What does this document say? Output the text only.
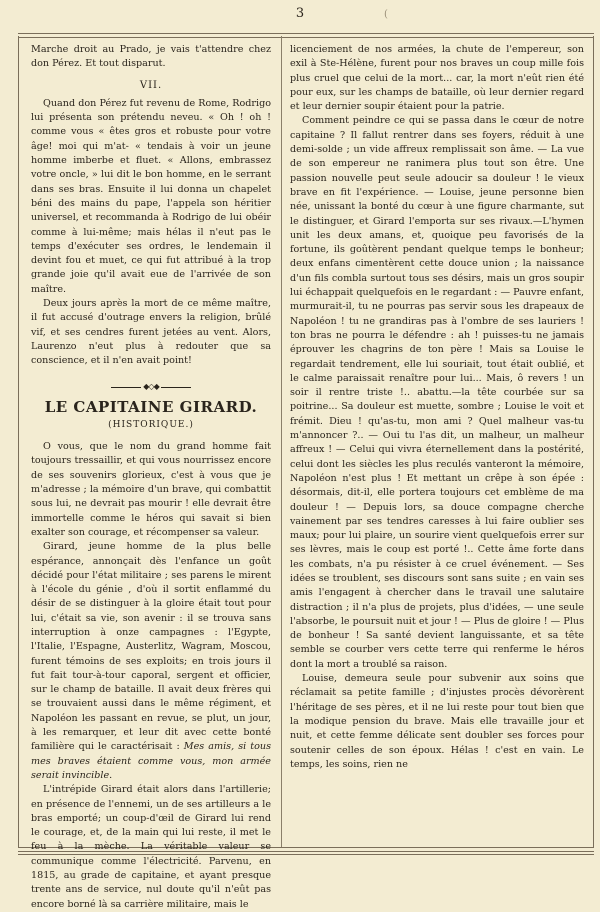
3	(

Marche droit au Prado, je vais t'attendre chez don Pérez. Et tout disparut.

VII.

Quand don Pérez fut revenu de Rome, Rodrigo lui présenta son prétendu neveu. « Oh ! oh ! comme vous « êtes gros et robuste pour votre âge! moi qui m'at- « tendais à voir un jeune homme imberbe et fluet. « Allons, embrassez votre oncle, » lui dit le bon homme, en le serrant dans ses bras. Ensuite il lui donna un chapelet béni des mains du pape, l'appela son héritier universel, et recommanda à Rodrigo de lui obéir comme à lui-même; mais hélas il n'eut pas le temps d'exécuter ses ordres, le lendemain il devint fou et muet, ce qui fut attribué à la trop grande joie qu'il avait eue de l'arrivée de son maître.

Deux jours après la mort de ce même maître, il fut accusé d'outrage envers la religion, brûlé vif, et ses cendres furent jetées au vent. Alors, Laurenzo n'eut plus à redouter que sa conscience, et il n'en avait point!

◆◇◆
LE CAPITAINE GIRARD.
(HISTORIQUE.)

O vous, que le nom du grand homme fait toujours tressaillir, et qui vous nourrissez encore de ses souvenirs glorieux, c'est à vous que je m'adresse ; la mémoire d'un brave, qui combattit sous lui, ne devrait pas mourir ! elle devrait être immortelle comme le héros qui savait si bien exalter son courage, et récompenser sa valeur.

Girard, jeune homme de la plus belle espérance, annonçait dès l'enfance un goût décidé pour l'état militaire ; ses parens le mirent à l'école du génie , d'où il sortit enflammé du désir de se distinguer à la gloire était tout pour lui, c'était sa vie, son avenir : il se trouva sans interruption à onze campagnes : l'Egypte, l'Italie, l'Espagne, Austerlitz, Wagram, Moscou, furent témoins de ses exploits; en trois jours il fut fait tour-à-tour caporal, sergent et officier, sur le champ de bataille. Il avait deux frères qui se trouvaient aussi dans le même régiment, et Napoléon les passant en revue, se plut, un jour, à les remarquer, et leur dit avec cette bonté familière qui le caractérisait : Mes amis, si tous mes braves étaient comme vous, mon armée serait invincible.

L'intrépide Girard était alors dans l'artillerie; en présence de l'ennemi, un de ses artilleurs a le bras emporté; un coup-d'œil de Girard lui rend le courage, et, de la main qui lui reste, il met le feu à la mèche. La véritable valeur se communique comme l'électricité. Parvenu, en 1815, au grade de capitaine, et ayant presque trente ans de service, nul doute qu'il n'eût pas encore borné là sa carrière militaire, mais le

licenciement de nos armées, la chute de l'empereur, son exil à Ste-Hélène, furent pour nos braves un coup mille fois plus cruel que celui de la mort... car, la mort n'eût rien été pour eux, sur les champs de bataille, où leur dernier regard et leur dernier soupir étaient pour la patrie.

Comment peindre ce qui se passa dans le cœur de notre capitaine ? Il fallut rentrer dans ses foyers, réduit à une demi-solde ; un vide affreux remplissait son âme. — La vue de son empereur ne ranimera plus tout son être. Une passion nouvelle peut seule adoucir sa douleur ! le vieux brave en fit l'expérience. — Louise, jeune personne bien née, unissant la bonté du cœur à une figure charmante, sut le distinguer, et Girard l'emporta sur ses rivaux.—L'hymen unit les deux amans, et, quoique peu favorisés de la fortune, ils goûtèrent pendant quelque temps le bonheur; deux enfans cimentèrent cette douce union ; la naissance d'un fils combla surtout tous ses désirs, mais un gros soupir lui échappait quelquefois en le regardant : — Pauvre enfant, murmurait-il, tu ne pourras pas servir sous les drapeaux de Napoléon ! tu ne grandiras pas à l'ombre de ses lauriers ! ton bras ne pourra le défendre : ah ! puisses-tu ne jamais éprouver les chagrins de ton père ! Mais sa Louise le regardait tendrement, elle lui souriait, tout était oublié, et le calme paraissait renaître pour lui... Mais, ô revers ! un soir il rentre triste !.. abattu.—la tête courbée sur sa poitrine... Sa douleur est muette, sombre ; Louise le voit et frémit. Dieu ! qu'as-tu, mon ami ? Quel malheur vas-tu m'annoncer ?.. — Oui tu l'as dit, un malheur, un malheur affreux ! — Celui qui vivra éternellement dans la postérité, celui dont les siècles les plus reculés vanteront la mémoire, Napoléon n'est plus ! Et mettant un crêpe à son épée : désormais, dit-il, elle portera toujours cet emblème de ma douleur ! — Depuis lors, sa douce compagne cherche vainement par ses tendres caresses à lui faire oublier ses maux; pour lui plaire, un sourire vient quelquefois errer sur ses lèvres, mais le coup est porté !.. Cette âme forte dans les combats, n'a pu résister à ce cruel événement. — Ses idées se troublent, ses discours sont sans suite ; en vain ses amis l'engagent à chercher dans le travail une salutaire distraction ; il n'a plus de projets, plus d'idées, — une seule l'absorbe, le poursuit nuit et jour ! — Plus de gloire ! — Plus de bonheur ! Sa santé devient languissante, et sa tête semble se courber vers cette terre qui renferme le héros dont la mort a troublé sa raison.

Louise, demeura seule pour subvenir aux soins que réclamait sa petite famille ; d'injustes procès dévorèrent l'héritage de ses pères, et il ne lui reste pour tout bien que la modique pension du brave. Mais elle travaille jour et nuit, et cette femme délicate sent doubler ses forces pour soutenir celles de son époux. Hélas ! c'est en vain. Le temps, les soins, rien ne
